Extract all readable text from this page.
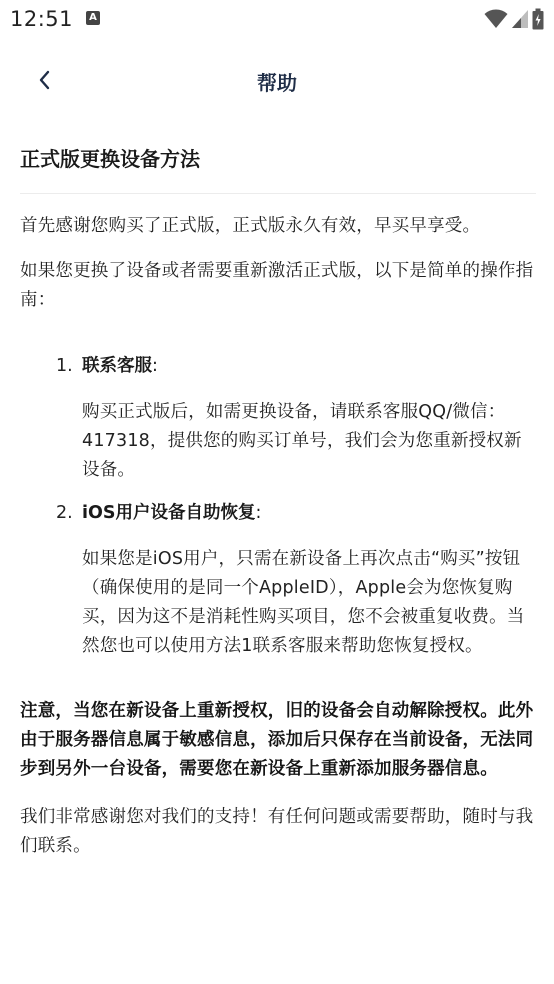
12:51	A
帮助
正式版更换设备方法

首先感谢您购买了正式版，正式版永久有效，早买早享受。

如果您更换了设备或者需要重新激活正式版，以下是简单的操作指南：

1. 联系客服:

购买正式版后，如需更换设备，请联系客服QQ/微信：417318，提供您的购买订单号，我们会为您重新授权新设备。

2. iOS用户设备自助恢复:

如果您是iOS用户，只需在新设备上再次点击“购买”按钮（确保使用的是同一个AppleID），Apple会为您恢复购买，因为这不是消耗性购买项目，您不会被重复收费。当然您也可以使用方法1联系客服来帮助您恢复授权。

注意，当您在新设备上重新授权，旧的设备会自动解除授权。此外由于服务器信息属于敏感信息，添加后只保存在当前设备，无法同步到另外一台设备，需要您在新设备上重新添加服务器信息。

我们非常感谢您对我们的支持！有任何问题或需要帮助，随时与我们联系。
